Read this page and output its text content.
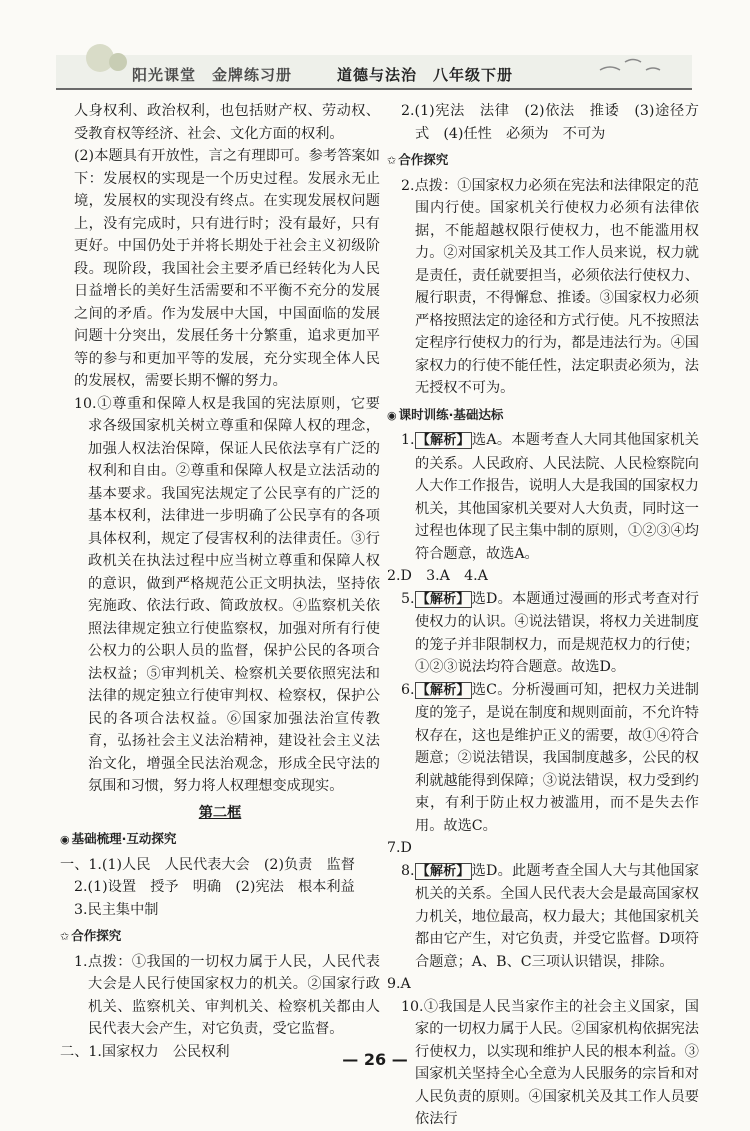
阳光课堂　金牌练习册	道德与法治　八年级下册

人身权利、政治权利，也包括财产权、劳动权、受教育权等经济、社会、文化方面的权利。

(2)本题具有开放性，言之有理即可。参考答案如下：发展权的实现是一个历史过程。发展永无止境，发展权的实现没有终点。在实现发展权问题上，没有完成时，只有进行时；没有最好，只有更好。中国仍处于并将长期处于社会主义初级阶段。现阶段，我国社会主要矛盾已经转化为人民日益增长的美好生活需要和不平衡不充分的发展之间的矛盾。作为发展中大国，中国面临的发展问题十分突出，发展任务十分繁重，追求更加平等的参与和更加平等的发展，充分实现全体人民的发展权，需要长期不懈的努力。

10.①尊重和保障人权是我国的宪法原则，它要求各级国家机关树立尊重和保障人权的理念，加强人权法治保障，保证人民依法享有广泛的权利和自由。②尊重和保障人权是立法活动的基本要求。我国宪法规定了公民享有的广泛的基本权利，法律进一步明确了公民享有的各项具体权利，规定了侵害权利的法律责任。③行政机关在执法过程中应当树立尊重和保障人权的意识，做到严格规范公正文明执法，坚持依宪施政、依法行政、简政放权。④监察机关依照法律规定独立行使监察权，加强对所有行使公权力的公职人员的监督，保护公民的各项合法权益；⑤审判机关、检察机关要依照宪法和法律的规定独立行使审判权、检察权，保护公民的各项合法权益。⑥国家加强法治宣传教育，弘扬社会主义法治精神，建设社会主义法治文化，增强全民法治观念，形成全民守法的氛围和习惯，努力将人权理想变成现实。

第二框
◉ 基础梳理·互动探究

一、1.(1)人民　人民代表大会　(2)负责　监督

2.(1)设置　授予　明确　(2)宪法　根本利益

3.民主集中制

✩ 合作探究

1.点拨：①我国的一切权力属于人民，人民代表大会是人民行使国家权力的机关。②国家行政机关、监察机关、审判机关、检察机关都由人民代表大会产生，对它负责，受它监督。

二、1.国家权力　公民权利

2.(1)宪法　法律　(2)依法　推诿　(3)途径方式　(4)任性　必须为　不可为

✩ 合作探究

2.点拨：①国家权力必须在宪法和法律限定的范围内行使。国家机关行使权力必须有法律依据，不能超越权限行使权力，也不能滥用权力。②对国家机关及其工作人员来说，权力就是责任，责任就要担当，必须依法行使权力、履行职责，不得懈怠、推诿。③国家权力必须严格按照法定的途径和方式行使。凡不按照法定程序行使权力的行为，都是违法行为。④国家权力的行使不能任性，法定职责必须为，法无授权不可为。

◉ 课时训练·基础达标

1. 【解析】 选A。本题考查人大同其他国家机关的关系。人民政府、人民法院、人民检察院向人大作工作报告，说明人大是我国的国家权力机关，其他国家机关要对人大负责，同时这一过程也体现了民主集中制的原则，①②③④均符合题意，故选A。

2.D　3.A　4.A

5. 【解析】 选D。本题通过漫画的形式考查对行使权力的认识。④说法错误，将权力关进制度的笼子并非限制权力，而是规范权力的行使；①②③说法均符合题意。故选D。

6. 【解析】 选C。分析漫画可知，把权力关进制度的笼子，是说在制度和规则面前，不允许特权存在，这也是维护正义的需要，故①④符合题意；②说法错误，我国制度越多，公民的权利就越能得到保障；③说法错误，权力受到约束，有利于防止权力被滥用，而不是失去作用。故选C。

7.D

8. 【解析】 选D。此题考查全国人大与其他国家机关的关系。全国人民代表大会是最高国家权力机关，地位最高，权力最大；其他国家机关都由它产生，对它负责，并受它监督。D项符合题意；A、B、C三项认识错误，排除。

9.A

10.①我国是人民当家作主的社会主义国家，国家的一切权力属于人民。②国家机构依据宪法行使权力，以实现和维护人民的根本利益。③国家机关坚持全心全意为人民服务的宗旨和对人民负责的原则。④国家机关及其工作人员要依法行

— 26 —
